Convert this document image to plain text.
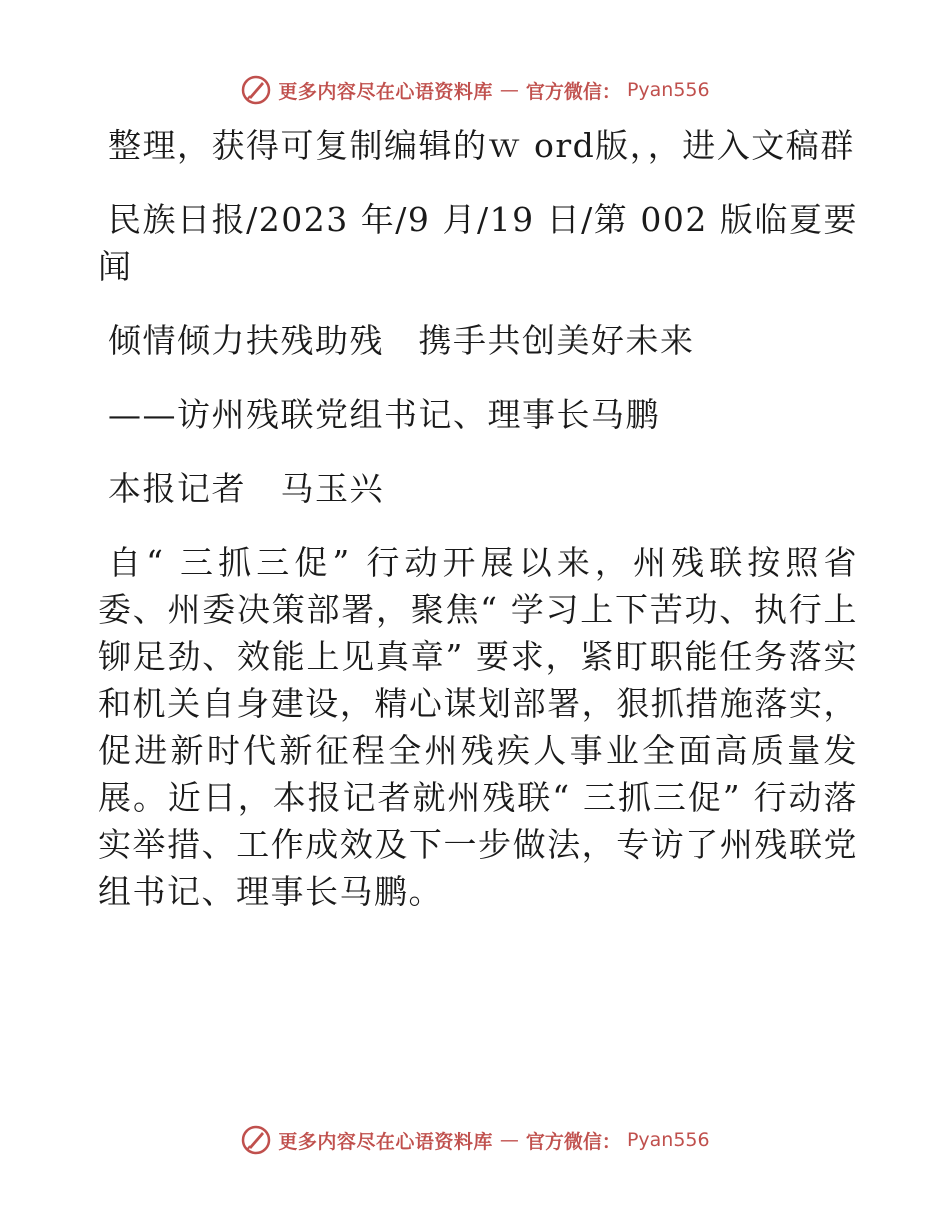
更多内容尽在心语资料库 — 官方微信： Pyan556

整理，获得可复制编辑的ｗ ord版，，进入文稿群

民族日报/2023 年/9 月/19 日/第 002 版临夏要闻

倾情倾力扶残助残　携手共创美好未来

——访州残联党组书记、理事长马鹏

本报记者　马玉兴

自“ 三抓三促” 行动开展以来，州残联按照省委、州委决策部署，聚焦“ 学习上下苦功、执行上铆足劲、效能上见真章” 要求，紧盯职能任务落实和机关自身建设，精心谋划部署，狠抓措施落实，促进新时代新征程全州残疾人事业全面高质量发展。近日，本报记者就州残联“ 三抓三促” 行动落实举措、工作成效及下一步做法，专访了州残联党组书记、理事长马鹏。

更多内容尽在心语资料库 — 官方微信： Pyan556
